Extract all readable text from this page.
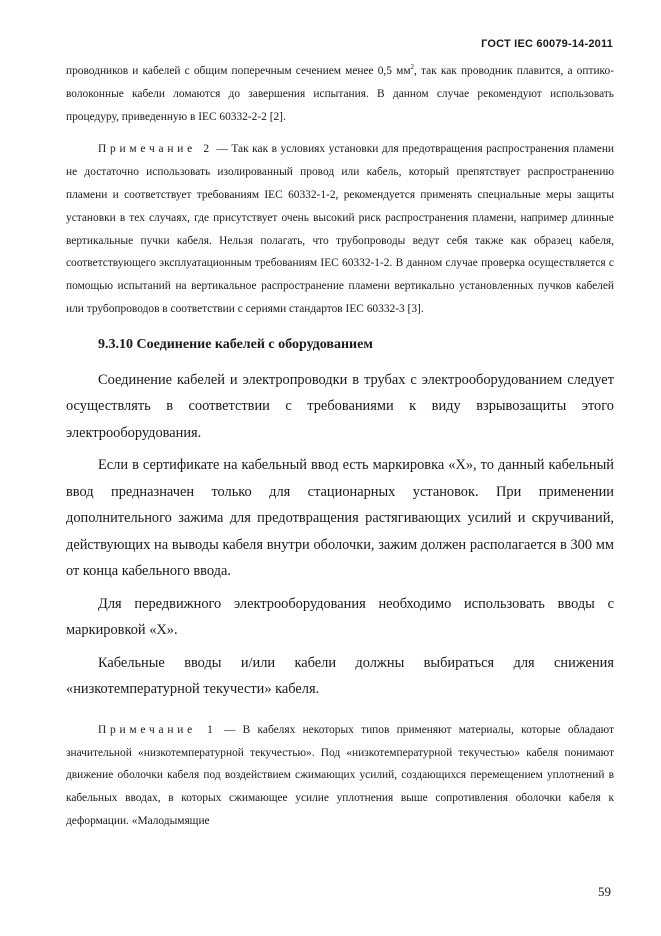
ГОСТ IEC 60079-14-2011

проводников и кабелей с общим поперечным сечением менее 0,5 $мм^2$, так как проводник плавится, а оптико-волоконные кабели ломаются до завершения испытания. В данном случае рекомендуют использовать процедуру, приведенную в IEC 60332-2-2 [2].

Примечание 2 — Так как в условиях установки для предотвращения распространения пламени не достаточно использовать изолированный провод или кабель, который препятствует распространению пламени и соответствует требованиям IEC 60332-1-2, рекомендуется применять специальные меры защиты установки в тех случаях, где присутствует очень высокий риск распространения пламени, например длинные вертикальные пучки кабеля. Нельзя полагать, что трубопроводы ведут себя также как образец кабеля, соответствующего эксплуатационным требованиям IEC 60332-1-2. В данном случае проверка осуществляется с помощью испытаний на вертикальное распространение пламени вертикально установленных пучков кабелей или трубопроводов в соответствии с сериями стандартов IEC 60332-3 [3].

9.3.10 Соединение кабелей с оборудованием

Соединение кабелей и электропроводки в трубах с электрооборудованием следует осуществлять в соответствии с требованиями к виду взрывозащиты этого электрооборудования.

Если в сертификате на кабельный ввод есть маркировка «X», то данный кабельный ввод предназначен только для стационарных установок. При применении дополнительного зажима для предотвращения растягивающих усилий и скручиваний, действующих на выводы кабеля внутри оболочки, зажим должен располагается в 300 мм от конца кабельного ввода.

Для передвижного электрооборудования необходимо использовать вводы с маркировкой «X».

Кабельные вводы и/или кабели должны выбираться для снижения «низкотемпературной текучести» кабеля.

Примечание 1 — В кабелях некоторых типов применяют материалы, которые обладают значительной «низкотемпературной текучестью». Под «низкотемпературной текучестью» кабеля понимают движение оболочки кабеля под воздействием сжимающих усилий, создающихся перемещением уплотнений в кабельных вводах, в которых сжимающее усилие уплотнения выше сопротивления оболочки кабеля к деформации. «Малодымящие

59
